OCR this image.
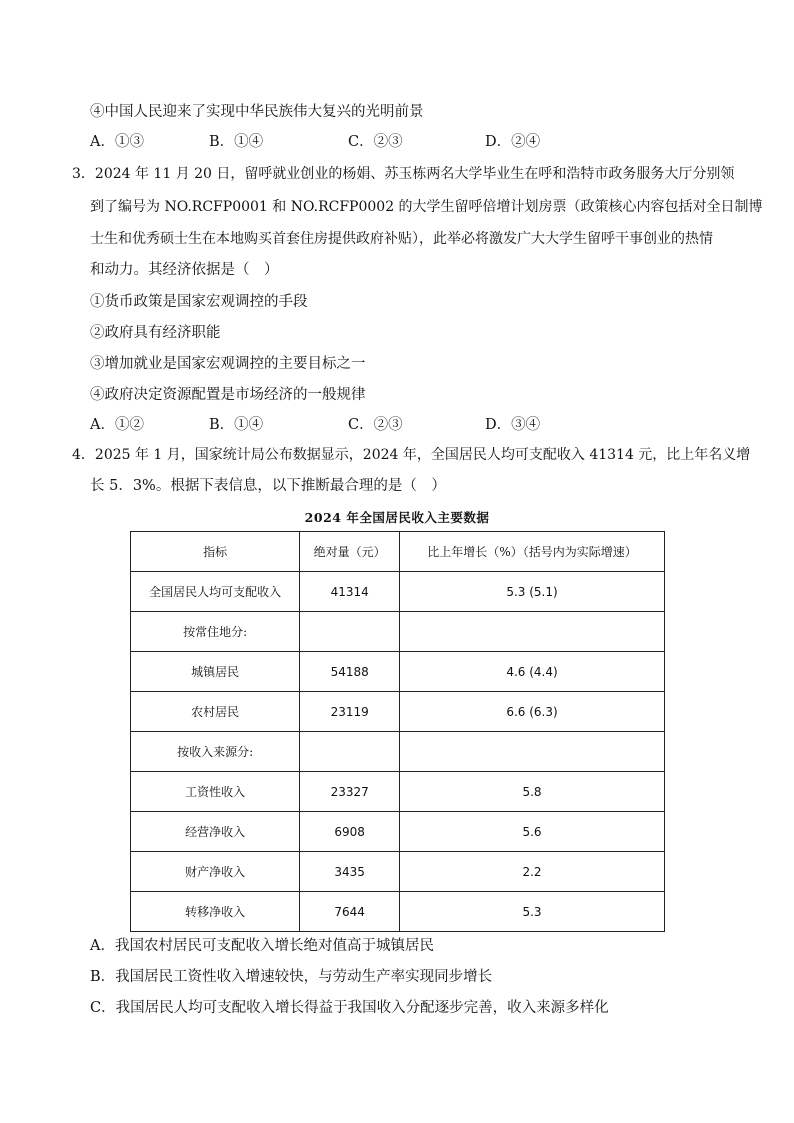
④中国人民迎来了实现中华民族伟大复兴的光明前景
A．①③	B．①④	C．②③	D．②④
3．2024 年 11 月 20 日，留呼就业创业的杨娟、苏玉栋两名大学毕业生在呼和浩特市政务服务大厅分别领
到了编号为 NO.RCFP0001 和 NO.RCFP0002 的大学生留呼倍增计划房票（政策核心内容包括对全日制博
士生和优秀硕士生在本地购买首套住房提供政府补贴），此举必将激发广大大学生留呼干事创业的热情
和动力。其经济依据是（　）
①货币政策是国家宏观调控的手段
②政府具有经济职能
③增加就业是国家宏观调控的主要目标之一
④政府决定资源配置是市场经济的一般规律
A．①②	B．①④	C．②③	D．③④
4．2025 年 1 月，国家统计局公布数据显示，2024 年，全国居民人均可支配收入 41314 元，比上年名义增
长 5．3%。根据下表信息，以下推断最合理的是（　）
2024 年全国居民收入主要数据
指标	绝对量（元）	比上年增长（%）（括号内为实际增速）
全国居民人均可支配收入	41314	5.3 (5.1)
按常住地分:		
城镇居民	54188	4.6 (4.4)
农村居民	23119	6.6 (6.3)
按收入来源分:		
工资性收入	23327	5.8
经营净收入	6908	5.6
财产净收入	3435	2.2
转移净收入	7644	5.3
A．我国农村居民可支配收入增长绝对值高于城镇居民
B．我国居民工资性收入增速较快，与劳动生产率实现同步增长
C．我国居民人均可支配收入增长得益于我国收入分配逐步完善，收入来源多样化
